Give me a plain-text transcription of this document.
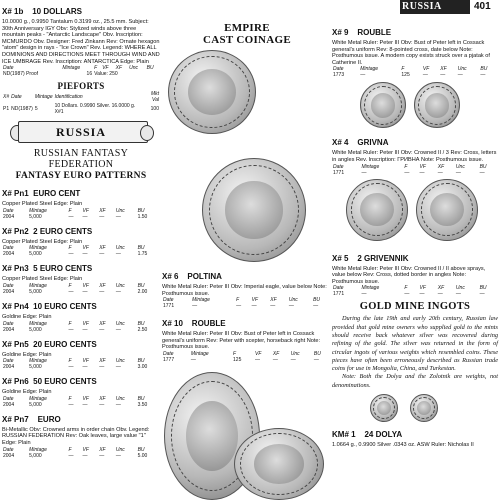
RUSSIA	401
X# 1b 10 DOLLARS
10.0000 g., 0.9950 Tantalum 0.3199 oz., 25.5 mm. Subject: 30th Anniversary IGY Obv: Stylized winds above three mountain peaks - "Antarctic Landscape" Obv. Inscription: MCMURDO Obv. Designer: Fred Zinkann Rev: Ornate hexagon "atom" design in rays - "Ice Crown" Rev. Legend: WHERE ALL DOMINIONS AND DIRECTIONS MEET THROUGH WIND AND ICE UMBRAGE Rev. Inscription: ANTARCTICA Edge: Plain
Date	Mintage	F	VF	XF	Unc	BU
ND(1987) Proof	16	Value: 250				
PIEFORTS
X#	Date	Mintage	Identification	Mkt Val
P1	ND(1987)	5	10 Dollars. 0.9990 Silver. 16.0000 g. X#1	100
RUSSIA
RUSSIAN FANTASY
FEDERATION
FANTASY EURO PATTERNS
X# Pn1 EURO CENT
Copper Plated Steel Edge: Plain
Date	Mintage	F	VF	XF	Unc	BU
2004	5,000	—	—	—	—	1.50
X# Pn2 2 EURO CENTS
Copper Plated Steel Edge: Plain
Date	Mintage	F	VF	XF	Unc	BU
2004	5,000	—	—	—	—	1.75
X# Pn3 5 EURO CENTS
Copper Plated Steel Edge: Plain
Date	Mintage	F	VF	XF	Unc	BU
2004	5,000	—	—	—	—	2.00
X# Pn4 10 EURO CENTS
Goldine Edge: Plain
Date	Mintage	F	VF	XF	Unc	BU
2004	5,000	—	—	—	—	2.50
X# Pn5 20 EURO CENTS
Goldine Edge: Plain
Date	Mintage	F	VF	XF	Unc	BU
2004	5,000	—	—	—	—	3.00
X# Pn6 50 EURO CENTS
Goldine Edge: Plain
Date	Mintage	F	VF	XF	Unc	BU
2004	5,000	—	—	—	—	3.50
X# Pn7 EURO
Bi-Metallic Obv: Crowned arms in order chain Obv. Legend: RUSSIAN FEDERATION Rev: Oak leaves, large value "1" Edge: Plain
Date	Mintage	F	VF	XF	Unc	BU
2004	5,000	—	—	—	—	5.00
EMPIRE
CAST COINAGE
X# 6 POLTINA
White Metal Ruler: Peter III Obv: Imperial eagle, value below Note: Posthumous issue.
Date	Mintage	F	VF	XF	Unc	BU
1771	—	—	—	—	—	—
X# 10 ROUBLE
White Metal Ruler: Peter III Obv: Bust of Peter left in Cossack general's uniform Rev: Peter with scepter, horseback right Note: Posthumous issue.
Date	Mintage	F	VF	XF	Unc	BU
1777	—	125	—	—	—	—
X# 9 ROUBLE
White Metal Ruler: Peter III Obv: Bust of Peter left in Cossack general's uniform Rev: 8-pointed cross, date below Note: Posthumous issue. A modern copy exists struck over a pjatak of Catherine II.
Date	Mintage	F	VF	XF	Unc	BU
1773	—	125	—	—	—	—
X# 4 GRIVNA
White Metal Ruler: Peter III Obv: Crowned II / 3 Rev: Cross, letters in angles Rev. Inscription: ГРИВНА Note: Posthumous issue.
Date	Mintage	F	VF	XF	Unc	BU
1771	—	—	—	—	—	—
X# 5 2 GRIVENNIK
White Metal Ruler: Peter III Obv: Crowned II / II above sprays, value below Rev: Cross, dotted border in angles Note: Posthumous issue.
Date	Mintage	F	VF	XF	Unc	BU
1771	—	—	—	—	—	—
GOLD MINE INGOTS
During the late 19th and early 20th century, Russian law provided that gold mine owners who supplied gold to the mints should receive back whatever silver was recovered during refining of the gold. The silver was returned in the form of circular ingots of various weights which resembled coins. These pieces have often been erroneously described as Russian trade coins for use in Mongolia, China, and Turkestan.
Note: Both the Dolya and the Zolotnik are weights, not denominations.
KM# 1 24 DOLYA
1.0664 g., 0.9900 Silver .0343 oz. ASW Ruler: Nicholas II
